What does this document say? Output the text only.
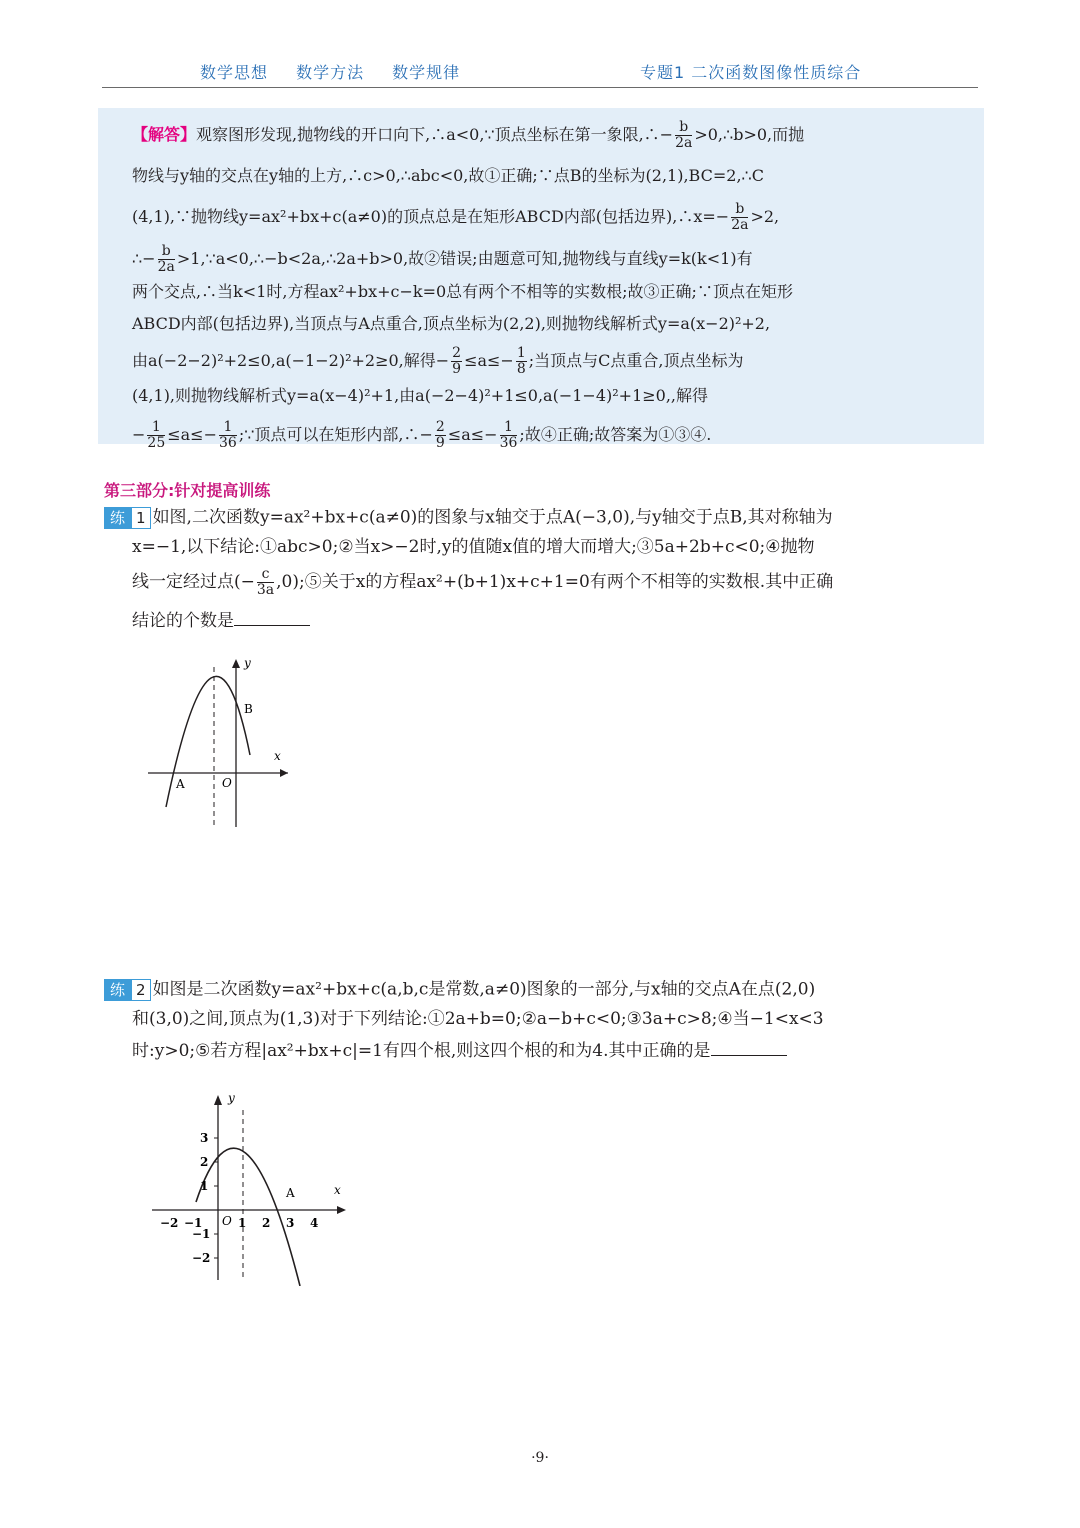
数学思想 数学方法 数学规律	专题1 二次函数图像性质综合
【解答】观察图形发现,抛物线的开口向下,∴a<0,∵顶点坐标在第一象限,∴− $\frac{b}{2a}$ >0,∴b>0,而抛
物线与y轴的交点在y轴的上方,∴c>0,∴abc<0,故①正确;∵点B的坐标为(2,1),BC=2,∴C
(4,1),∵抛物线y=ax²+bx+c(a≠0)的顶点总是在矩形ABCD内部(包括边界),∴x=− $\frac{b}{2a} >2$,
∴− $\frac{b}{2a}$ >1,∵a<0,∴−b<2a,∴2a+b>0,故②错误;由题意可知,抛物线与直线y=k(k<1)有
两个交点,∴当k<1时,方程ax²+bx+c−k=0总有两个不相等的实数根;故③正确;∵顶点在矩形
ABCD内部(包括边界),当顶点与A点重合,顶点坐标为(2,2),则抛物线解析式y=a(x−2)²+2,
由a(−2−2)²+2≤0,a(−1−2)²+2≥0,解得− $\frac{2}{9} \le a\le- \frac{1}{8}$ ;当顶点与C点重合,顶点坐标为
(4,1),则抛物线解析式y=a(x−4)²+1,由a(−2−4)²+1≤0,a(−1−4)²+1≥0,,解得
− $\frac{1}{25} \le a\le- \frac{1}{36}$ ;∵顶点可以在矩形内部,∴− $\frac{2}{9} \le a\le- \frac{1}{36}$ ;故④正确;故答案为①③④.
第三部分:针对提高训练
练 1 如图,二次函数y=ax²+bx+c(a≠0)的图象与x轴交于点A(−3,0),与y轴交于点B,其对称轴为
x=−1,以下结论:①abc>0;②当x>−2时,y的值随x值的增大而增大;③5a+2b+c<0;④抛物
线一定经过点(− $\frac{c}{3a}$ ,0);⑤关于x的方程ax²+(b+1)x+c+1=0有两个不相等的实数根.其中正确
结论的个数是
y
x
O
A
B
练 2 如图是二次函数y=ax²+bx+c(a,b,c是常数,a≠0)图象的一部分,与x轴的交点A在点(2,0)
和(3,0)之间,顶点为(1,3)对于下列结论:①2a+b=0;②a−b+c<0;③3a+c>8;④当−1<x<3
时:y>0;⑤若方程|ax²+bx+c|=1有四个根,则这四个根的和为4.其中正确的是
y
x
O
A
−2 −1	1 2 3 4
3
2
1
−1
−2
·9·
